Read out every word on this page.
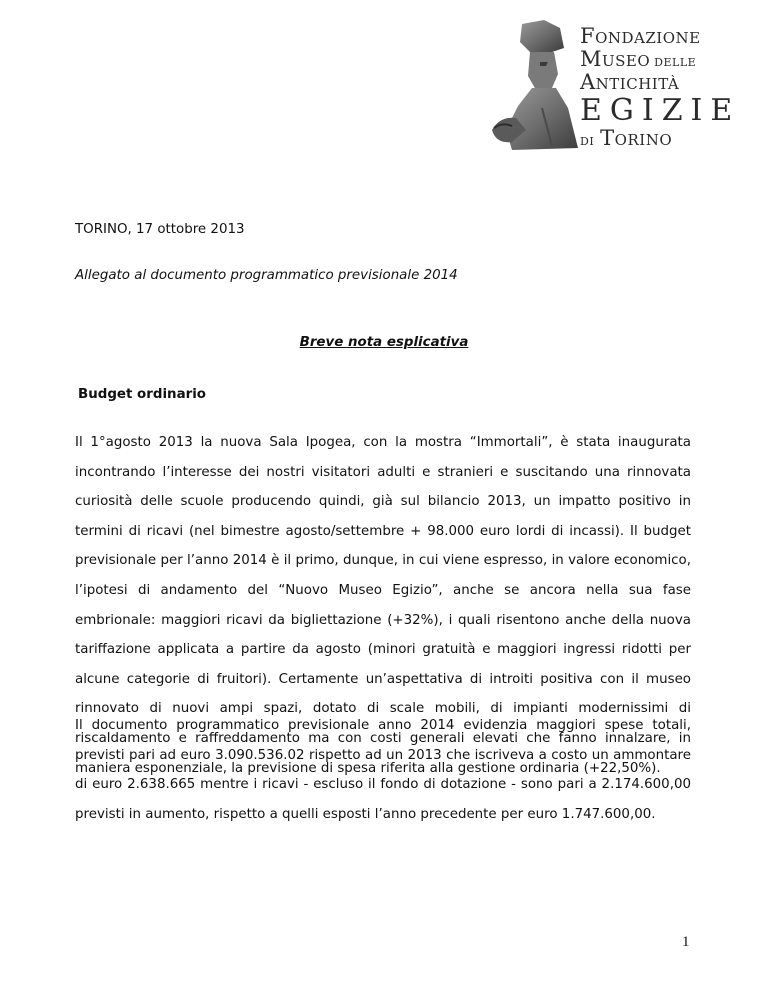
Fondazione
Museo delle
Antichità
EGIZIE
di Torino
TORINO, 17 ottobre 2013
Allegato al documento programmatico previsionale 2014
Breve nota esplicativa
Budget ordinario
Il 1°agosto 2013 la nuova Sala Ipogea, con la mostra “Immortali”, è stata inaugurata incontrando l’interesse dei nostri visitatori adulti e stranieri e suscitando una rinnovata curiosità delle scuole producendo quindi, già sul bilancio 2013, un impatto positivo in termini di ricavi (nel bimestre agosto/settembre + 98.000 euro lordi di incassi). Il budget previsionale per l’anno 2014 è il primo, dunque, in cui viene espresso, in valore economico, l’ipotesi di andamento del “Nuovo Museo Egizio”, anche se ancora nella sua fase embrionale: maggiori ricavi da bigliettazione (+32%), i quali risentono anche della nuova tariffazione applicata a partire da agosto (minori gratuità e maggiori ingressi ridotti per alcune categorie di fruitori). Certamente un’aspettativa di introiti positiva con il museo rinnovato di nuovi ampi spazi, dotato di scale mobili, di impianti modernissimi di riscaldamento e raffreddamento ma con costi generali elevati che fanno innalzare, in maniera esponenziale, la previsione di spesa riferita alla gestione ordinaria (+22,50%).
Il documento programmatico previsionale anno 2014 evidenzia maggiori spese totali, previsti pari ad euro 3.090.536.02 rispetto ad un 2013 che iscriveva a costo un ammontare di euro 2.638.665 mentre i ricavi - escluso il fondo di dotazione - sono pari a 2.174.600,00 previsti in aumento, rispetto a quelli esposti l’anno precedente per euro 1.747.600,00.
1
